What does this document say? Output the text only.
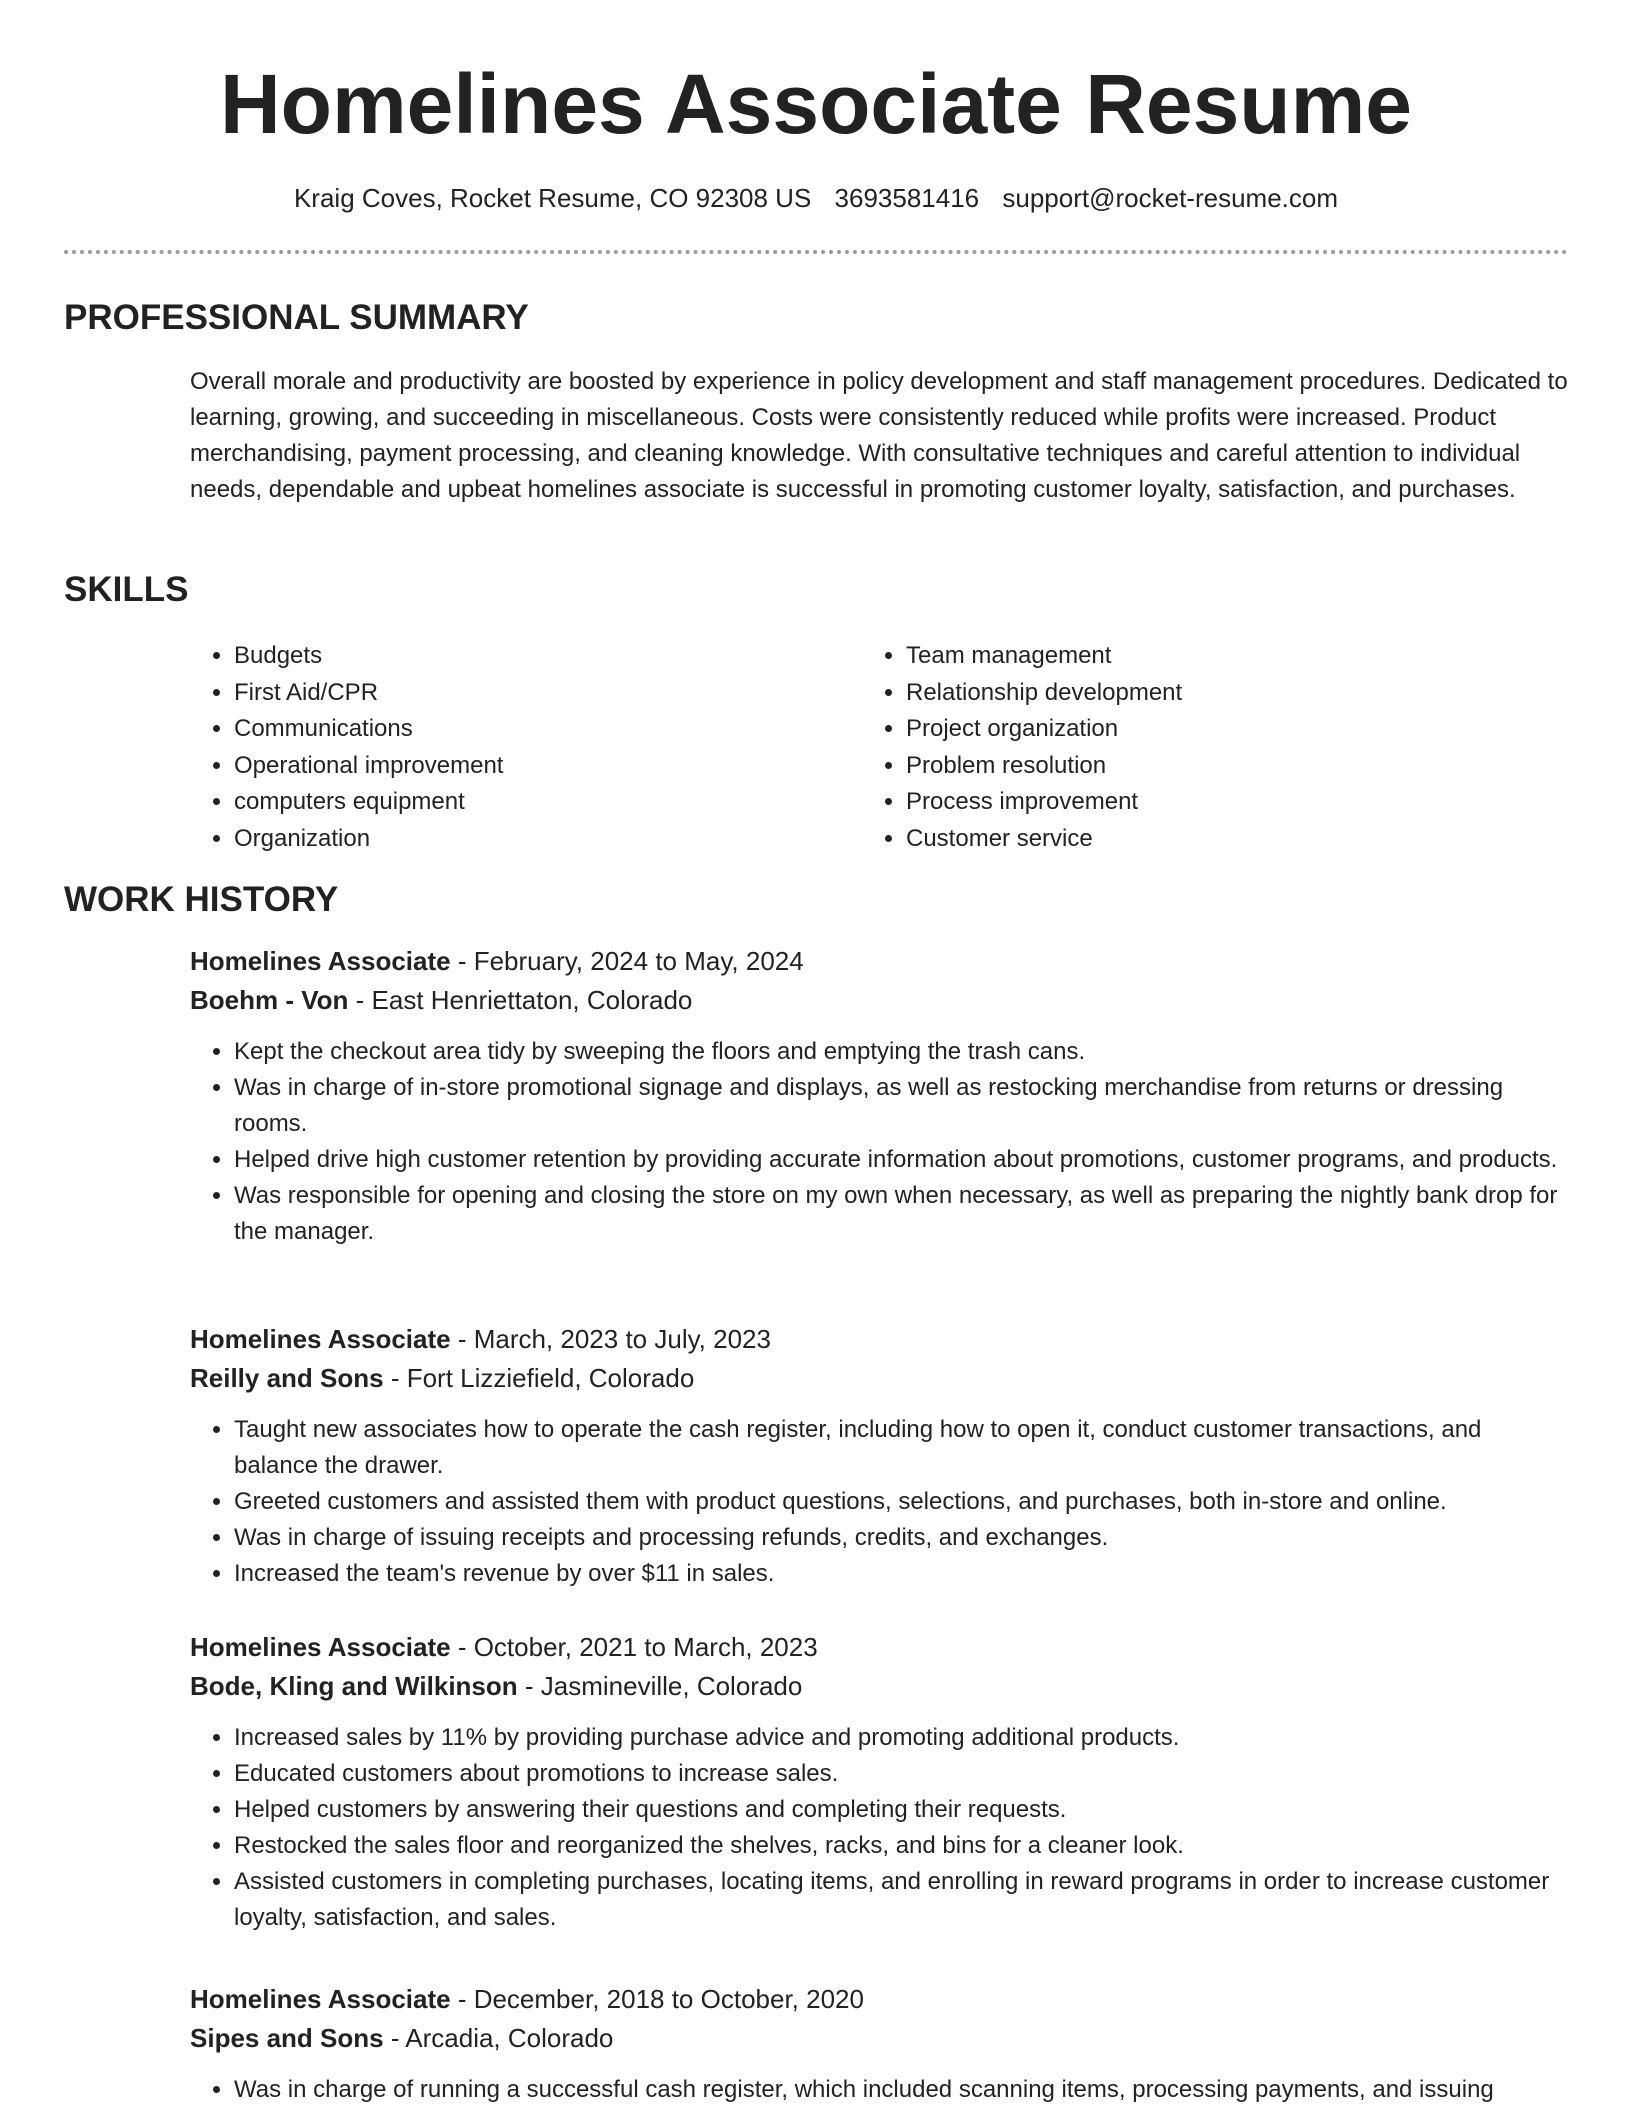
Homelines Associate Resume
Kraig Coves, Rocket Resume, CO 92308 US 3693581416 support@rocket-resume.com
PROFESSIONAL SUMMARY

Overall morale and productivity are boosted by experience in policy development and staff management procedures. Dedicated to learning, growing, and succeeding in miscellaneous. Costs were consistently reduced while profits were increased. Product merchandising, payment processing, and cleaning knowledge. With consultative techniques and careful attention to individual needs, dependable and upbeat homelines associate is successful in promoting customer loyalty, satisfaction, and purchases.

SKILLS
• Budgets
• First Aid/CPR
• Communications
• Operational improvement
• computers equipment
• Organization
• Team management
• Relationship development
• Project organization
• Problem resolution
• Process improvement
• Customer service
WORK HISTORY
Homelines Associate - February, 2024 to May, 2024
Boehm - Von - East Henriettaton, Colorado
• Kept the checkout area tidy by sweeping the floors and emptying the trash cans.
• Was in charge of in-store promotional signage and displays, as well as restocking merchandise from returns or dressing rooms.
• Helped drive high customer retention by providing accurate information about promotions, customer programs, and products.
• Was responsible for opening and closing the store on my own when necessary, as well as preparing the nightly bank drop for the manager.
Homelines Associate - March, 2023 to July, 2023
Reilly and Sons - Fort Lizziefield, Colorado
• Taught new associates how to operate the cash register, including how to open it, conduct customer transactions, and balance the drawer.
• Greeted customers and assisted them with product questions, selections, and purchases, both in-store and online.
• Was in charge of issuing receipts and processing refunds, credits, and exchanges.
• Increased the team's revenue by over $11 in sales.
Homelines Associate - October, 2021 to March, 2023
Bode, Kling and Wilkinson - Jasmineville, Colorado
• Increased sales by 11% by providing purchase advice and promoting additional products.
• Educated customers about promotions to increase sales.
• Helped customers by answering their questions and completing their requests.
• Restocked the sales floor and reorganized the shelves, racks, and bins for a cleaner look.
• Assisted customers in completing purchases, locating items, and enrolling in reward programs in order to increase customer loyalty, satisfaction, and sales.
Homelines Associate - December, 2018 to October, 2020
Sipes and Sons - Arcadia, Colorado
• Was in charge of running a successful cash register, which included scanning items, processing payments, and issuing
